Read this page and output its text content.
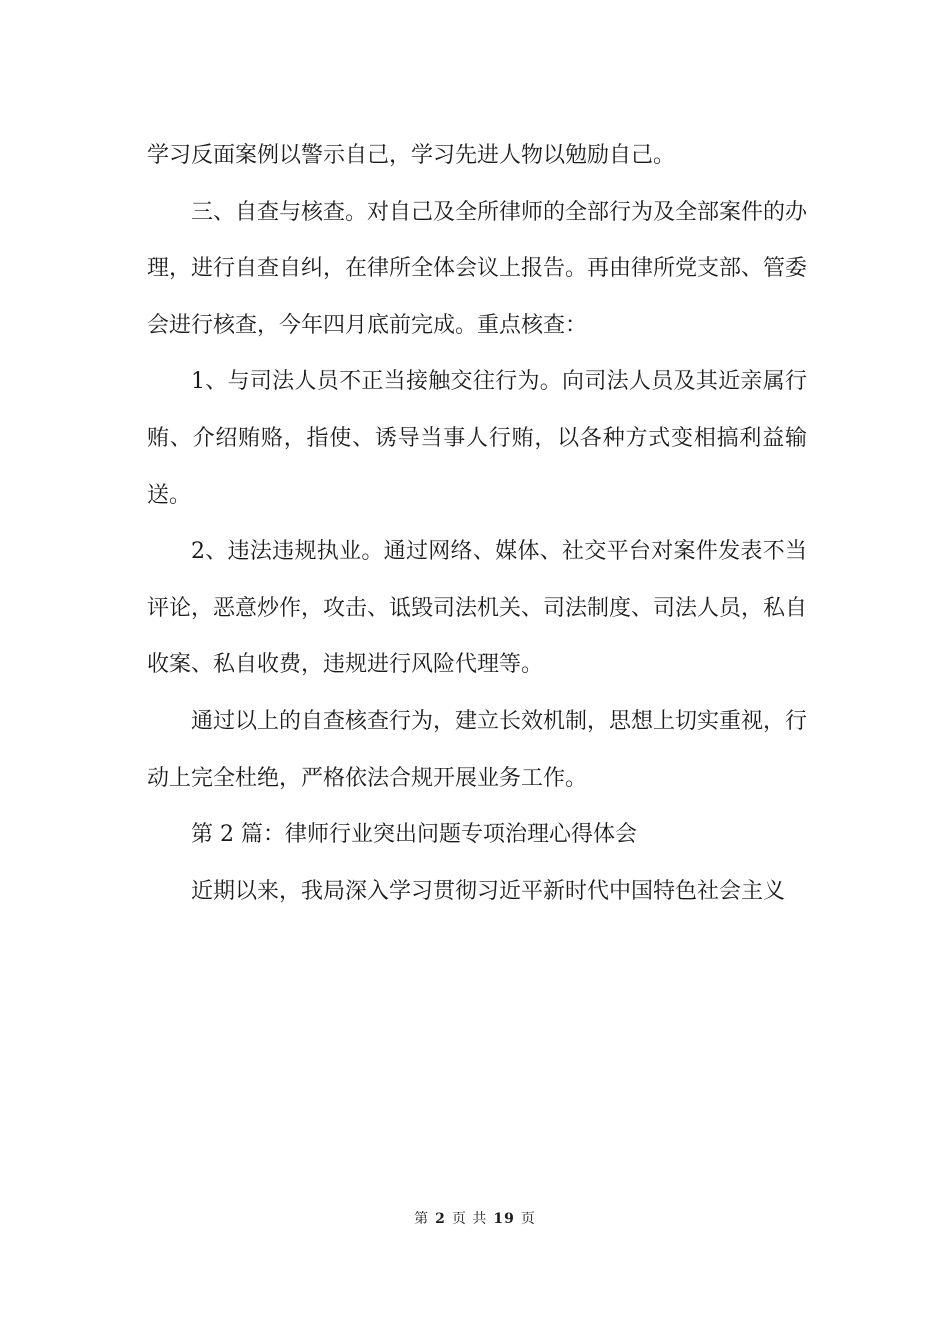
学习反面案例以警示自己，学习先进人物以勉励自己。

三、自查与核查。对自己及全所律师的全部行为及全部案件的办理，进行自查自纠，在律所全体会议上报告。再由律所党支部、管委会进行核查，今年四月底前完成。重点核查：

1、与司法人员不正当接触交往行为。向司法人员及其近亲属行贿、介绍贿赂，指使、诱导当事人行贿，以各种方式变相搞利益输送。

2、违法违规执业。通过网络、媒体、社交平台对案件发表不当评论，恶意炒作，攻击、诋毁司法机关、司法制度、司法人员，私自收案、私自收费，违规进行风险代理等。

通过以上的自查核查行为，建立长效机制，思想上切实重视，行动上完全杜绝，严格依法合规开展业务工作。

第 2 篇：律师行业突出问题专项治理心得体会

近期以来，我局深入学习贯彻习近平新时代中国特色社会主义

第 2 页 共 19 页
